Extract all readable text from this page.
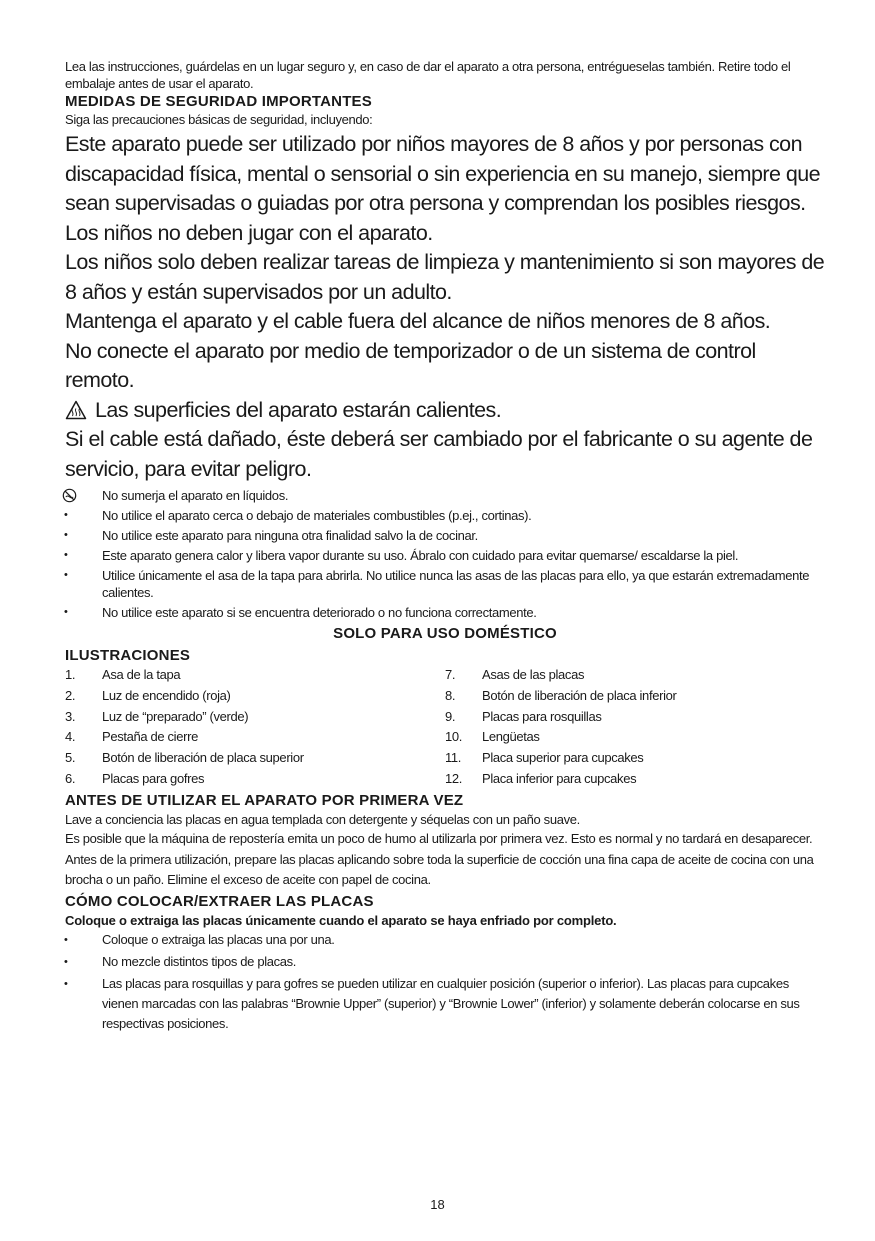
Lea las instrucciones, guárdelas en un lugar seguro y, en caso de dar el aparato a otra persona, entrégueselas también. Retire todo el embalaje antes de usar el aparato.

MEDIDAS DE SEGURIDAD IMPORTANTES

Siga las precauciones básicas de seguridad, incluyendo:

Este aparato puede ser utilizado por niños mayores de 8 años y por personas con discapacidad física, mental o sensorial o sin experiencia en su manejo, siempre que sean supervisadas o guiadas por otra persona y comprendan los posibles riesgos.

Los niños no deben jugar con el aparato.

Los niños solo deben realizar tareas de limpieza y mantenimiento si son mayores de 8 años y están supervisados por un adulto.

Mantenga el aparato y el cable fuera del alcance de niños menores de 8 años.

No conecte el aparato por medio de temporizador o de un sistema de control remoto.

Las superficies del aparato estarán calientes.

Si el cable está dañado, éste deberá ser cambiado por el fabricante o su agente de servicio, para evitar peligro.

No sumerja el aparato en líquidos.
•
No utilice el aparato cerca o debajo de materiales combustibles (p.ej., cortinas).
•
No utilice este aparato para ninguna otra finalidad salvo la de cocinar.
•
Este aparato genera calor y libera vapor durante su uso. Ábralo con cuidado para evitar quemarse/ escaldarse la piel.
•
Utilice únicamente el asa de la tapa para abrirla. No utilice nunca las asas de las placas para ello, ya que estarán extremadamente calientes.
•
No utilice este aparato si se encuentra deteriorado o no funciona correctamente.

SOLO PARA USO DOMÉSTICO

ILUSTRACIONES

1.	Asa de la tapa
2.	Luz de encendido (roja)
3.	Luz de “preparado” (verde)
4.	Pestaña de cierre
5.	Botón de liberación de placa superior
6.	Placas para gofres
7.	Asas de las placas
8.	Botón de liberación de placa inferior
9.	Placas para rosquillas
10.	Lengüetas
11.	Placa superior para cupcakes
12.	Placa inferior para cupcakes

ANTES DE UTILIZAR EL APARATO POR PRIMERA VEZ

Lave a conciencia las placas en agua templada con detergente y séquelas con un paño suave.

Es posible que la máquina de repostería emita un poco de humo al utilizarla por primera vez. Esto es normal y no tardará en desaparecer.

Antes de la primera utilización, prepare las placas aplicando sobre toda la superficie de cocción una fina capa de aceite de cocina con una brocha o un paño. Elimine el exceso de aceite con papel de cocina.

CÓMO COLOCAR/EXTRAER LAS PLACAS

Coloque o extraiga las placas únicamente cuando el aparato se haya enfriado por completo.

•
Coloque o extraiga las placas una por una.
•
No mezcle distintos tipos de placas.
•
Las placas para rosquillas y para gofres se pueden utilizar en cualquier posición (superior o inferior). Las placas para cupcakes vienen marcadas con las palabras “Brownie Upper” (superior) y “Brownie Lower” (inferior) y solamente deberán colocarse en sus respectivas posiciones.
18
